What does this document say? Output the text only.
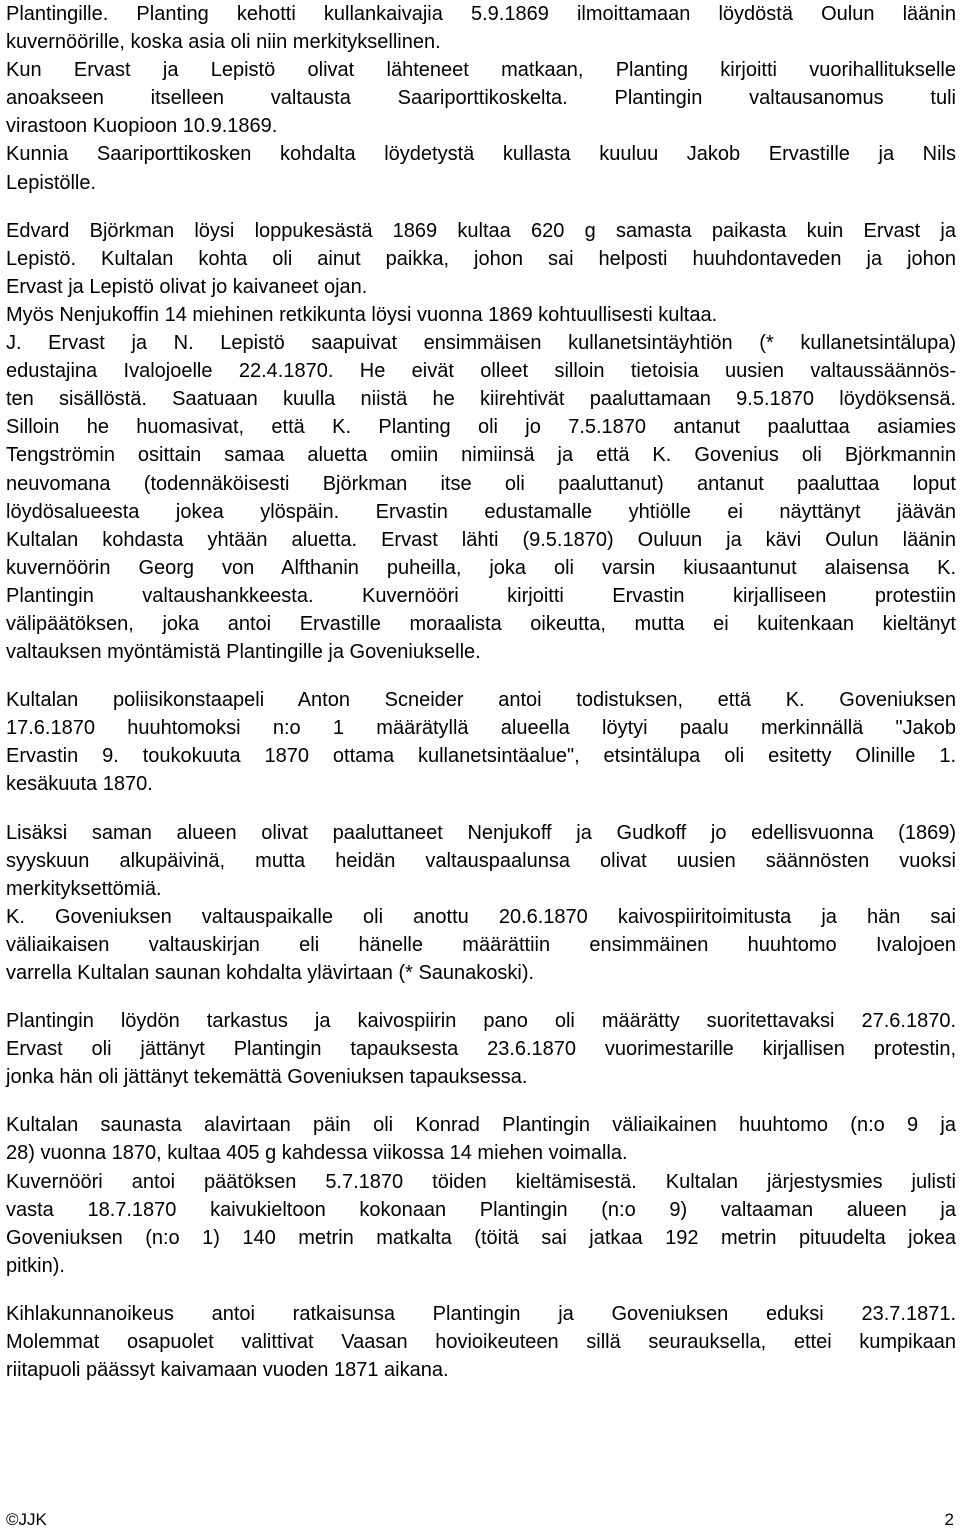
Plantingille. Planting kehotti kullankaivajia 5.9.1869 ilmoittamaan löydöstä Oulun läänin
kuvernöörille, koska asia oli niin merkityksellinen.
Kun Ervast ja Lepistö olivat lähteneet matkaan, Planting kirjoitti vuorihallitukselle
anoakseen itselleen valtausta Saariporttikoskelta. Plantingin valtausanomus tuli
virastoon Kuopioon 10.9.1869.
Kunnia Saariporttikosken kohdalta löydetystä kullasta kuuluu Jakob Ervastille ja Nils
Lepistölle.
Edvard Björkman löysi loppukesästä 1869 kultaa 620 g samasta paikasta kuin Ervast ja
Lepistö. Kultalan kohta oli ainut paikka, johon sai helposti huuhdontaveden ja johon
Ervast ja Lepistö olivat jo kaivaneet ojan.
Myös Nenjukoffin 14 miehinen retkikunta löysi vuonna 1869 kohtuullisesti kultaa.
J. Ervast ja N. Lepistö saapuivat ensimmäisen kullanetsintäyhtiön (* kullanetsintälupa)
edustajina Ivalojoelle 22.4.1870. He eivät olleet silloin tietoisia uusien valtaussäännös-
ten sisällöstä. Saatuaan kuulla niistä he kiirehtivät paaluttamaan 9.5.1870 löydöksensä.
Silloin he huomasivat, että K. Planting oli jo 7.5.1870 antanut paaluttaa asiamies
Tengströmin osittain samaa aluetta omiin nimiinsä ja että K. Govenius oli Björkmannin
neuvomana (todennäköisesti Björkman itse oli paaluttanut) antanut paaluttaa loput
löydösalueesta jokea ylöspäin. Ervastin edustamalle yhtiölle ei näyttänyt jäävän
Kultalan kohdasta yhtään aluetta. Ervast lähti (9.5.1870) Ouluun ja kävi Oulun läänin
kuvernöörin Georg von Alfthanin puheilla, joka oli varsin kiusaantunut alaisensa K.
Plantingin valtaushankkeesta. Kuvernööri kirjoitti Ervastin kirjalliseen protestiin
välipäätöksen, joka antoi Ervastille moraalista oikeutta, mutta ei kuitenkaan kieltänyt
valtauksen myöntämistä Plantingille ja Goveniukselle.
Kultalan poliisikonstaapeli Anton Scneider antoi todistuksen, että K. Goveniuksen
17.6.1870 huuhtomoksi n:o 1 määrätyllä alueella löytyi paalu merkinnällä "Jakob
Ervastin 9. toukokuuta 1870 ottama kullanetsintäalue", etsintälupa oli esitetty Olinille 1.
kesäkuuta 1870.
Lisäksi saman alueen olivat paaluttaneet Nenjukoff ja Gudkoff jo edellisvuonna (1869)
syyskuun alkupäivinä, mutta heidän valtauspaalunsa olivat uusien säännösten vuoksi
merkityksettömiä.
K. Goveniuksen valtauspaikalle oli anottu 20.6.1870 kaivospiiritoimitusta ja hän sai
väliaikaisen valtauskirjan eli hänelle määrättiin ensimmäinen huuhtomo Ivalojoen
varrella Kultalan saunan kohdalta ylävirtaan (* Saunakoski).
Plantingin löydön tarkastus ja kaivospiirin pano oli määrätty suoritettavaksi 27.6.1870.
Ervast oli jättänyt Plantingin tapauksesta 23.6.1870 vuorimestarille kirjallisen protestin,
jonka hän oli jättänyt tekemättä Goveniuksen tapauksessa.
Kultalan saunasta alavirtaan päin oli Konrad Plantingin väliaikainen huuhtomo (n:o 9 ja
28) vuonna 1870, kultaa 405 g kahdessa viikossa 14 miehen voimalla.
Kuvernööri antoi päätöksen 5.7.1870 töiden kieltämisestä. Kultalan järjestysmies julisti
vasta 18.7.1870 kaivukieltoon kokonaan Plantingin (n:o 9) valtaaman alueen ja
Goveniuksen (n:o 1) 140 metrin matkalta (töitä sai jatkaa 192 metrin pituudelta jokea
pitkin).
Kihlakunnanoikeus antoi ratkaisunsa Plantingin ja Goveniuksen eduksi 23.7.1871.
Molemmat osapuolet valittivat Vaasan hovioikeuteen sillä seurauksella, ettei kumpikaan
riitapuoli päässyt kaivamaan vuoden 1871 aikana.
©JJK	2
